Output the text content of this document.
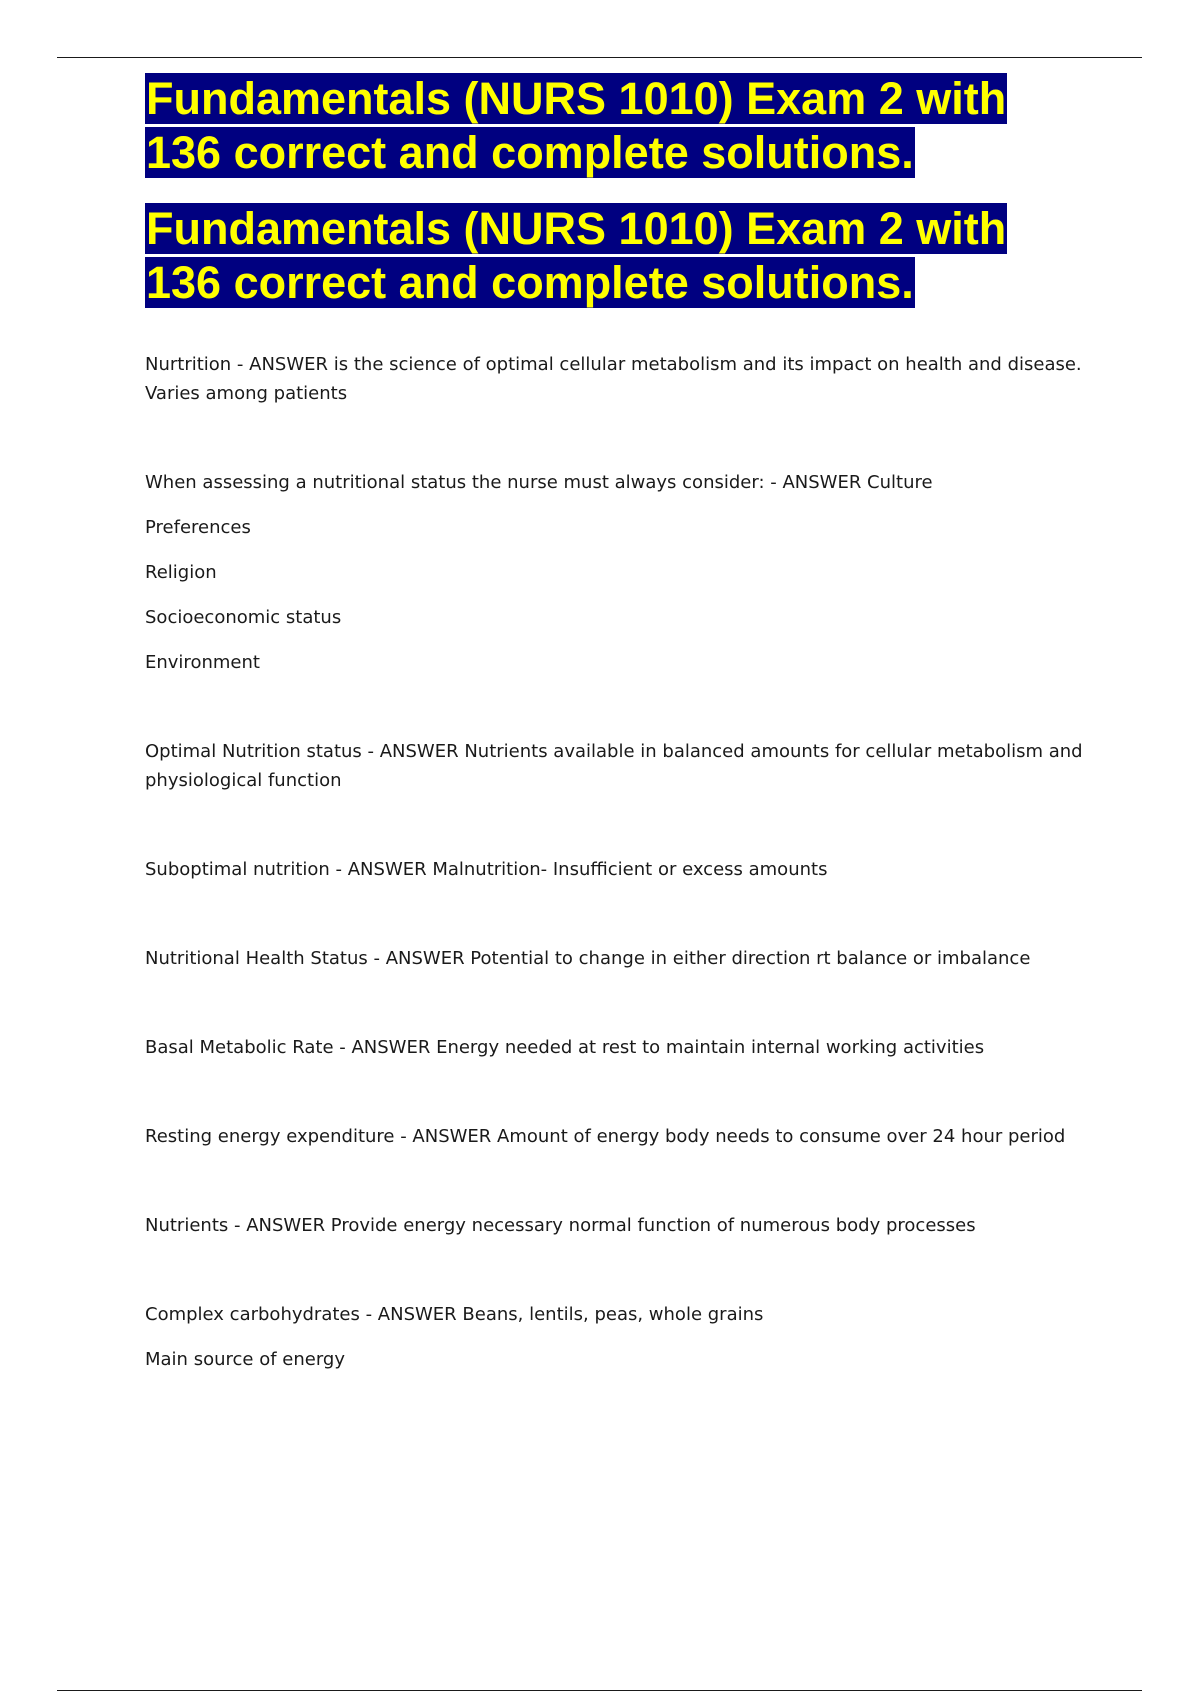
Fundamentals (NURS 1010) Exam 2 with
136 correct and complete solutions.
Fundamentals (NURS 1010) Exam 2 with
136 correct and complete solutions.
Nurtrition - ANSWER is the science of optimal cellular metabolism and its impact on health and disease. Varies among patients
When assessing a nutritional status the nurse must always consider: - ANSWER Culture
Preferences
Religion
Socioeconomic status
Environment
Optimal Nutrition status - ANSWER Nutrients available in balanced amounts for cellular metabolism and physiological function
Suboptimal nutrition - ANSWER Malnutrition- Insufficient or excess amounts
Nutritional Health Status - ANSWER Potential to change in either direction rt balance or imbalance
Basal Metabolic Rate - ANSWER Energy needed at rest to maintain internal working activities
Resting energy expenditure - ANSWER Amount of energy body needs to consume over 24 hour period
Nutrients - ANSWER Provide energy necessary normal function of numerous body processes
Complex carbohydrates - ANSWER Beans, lentils, peas, whole grains
Main source of energy
